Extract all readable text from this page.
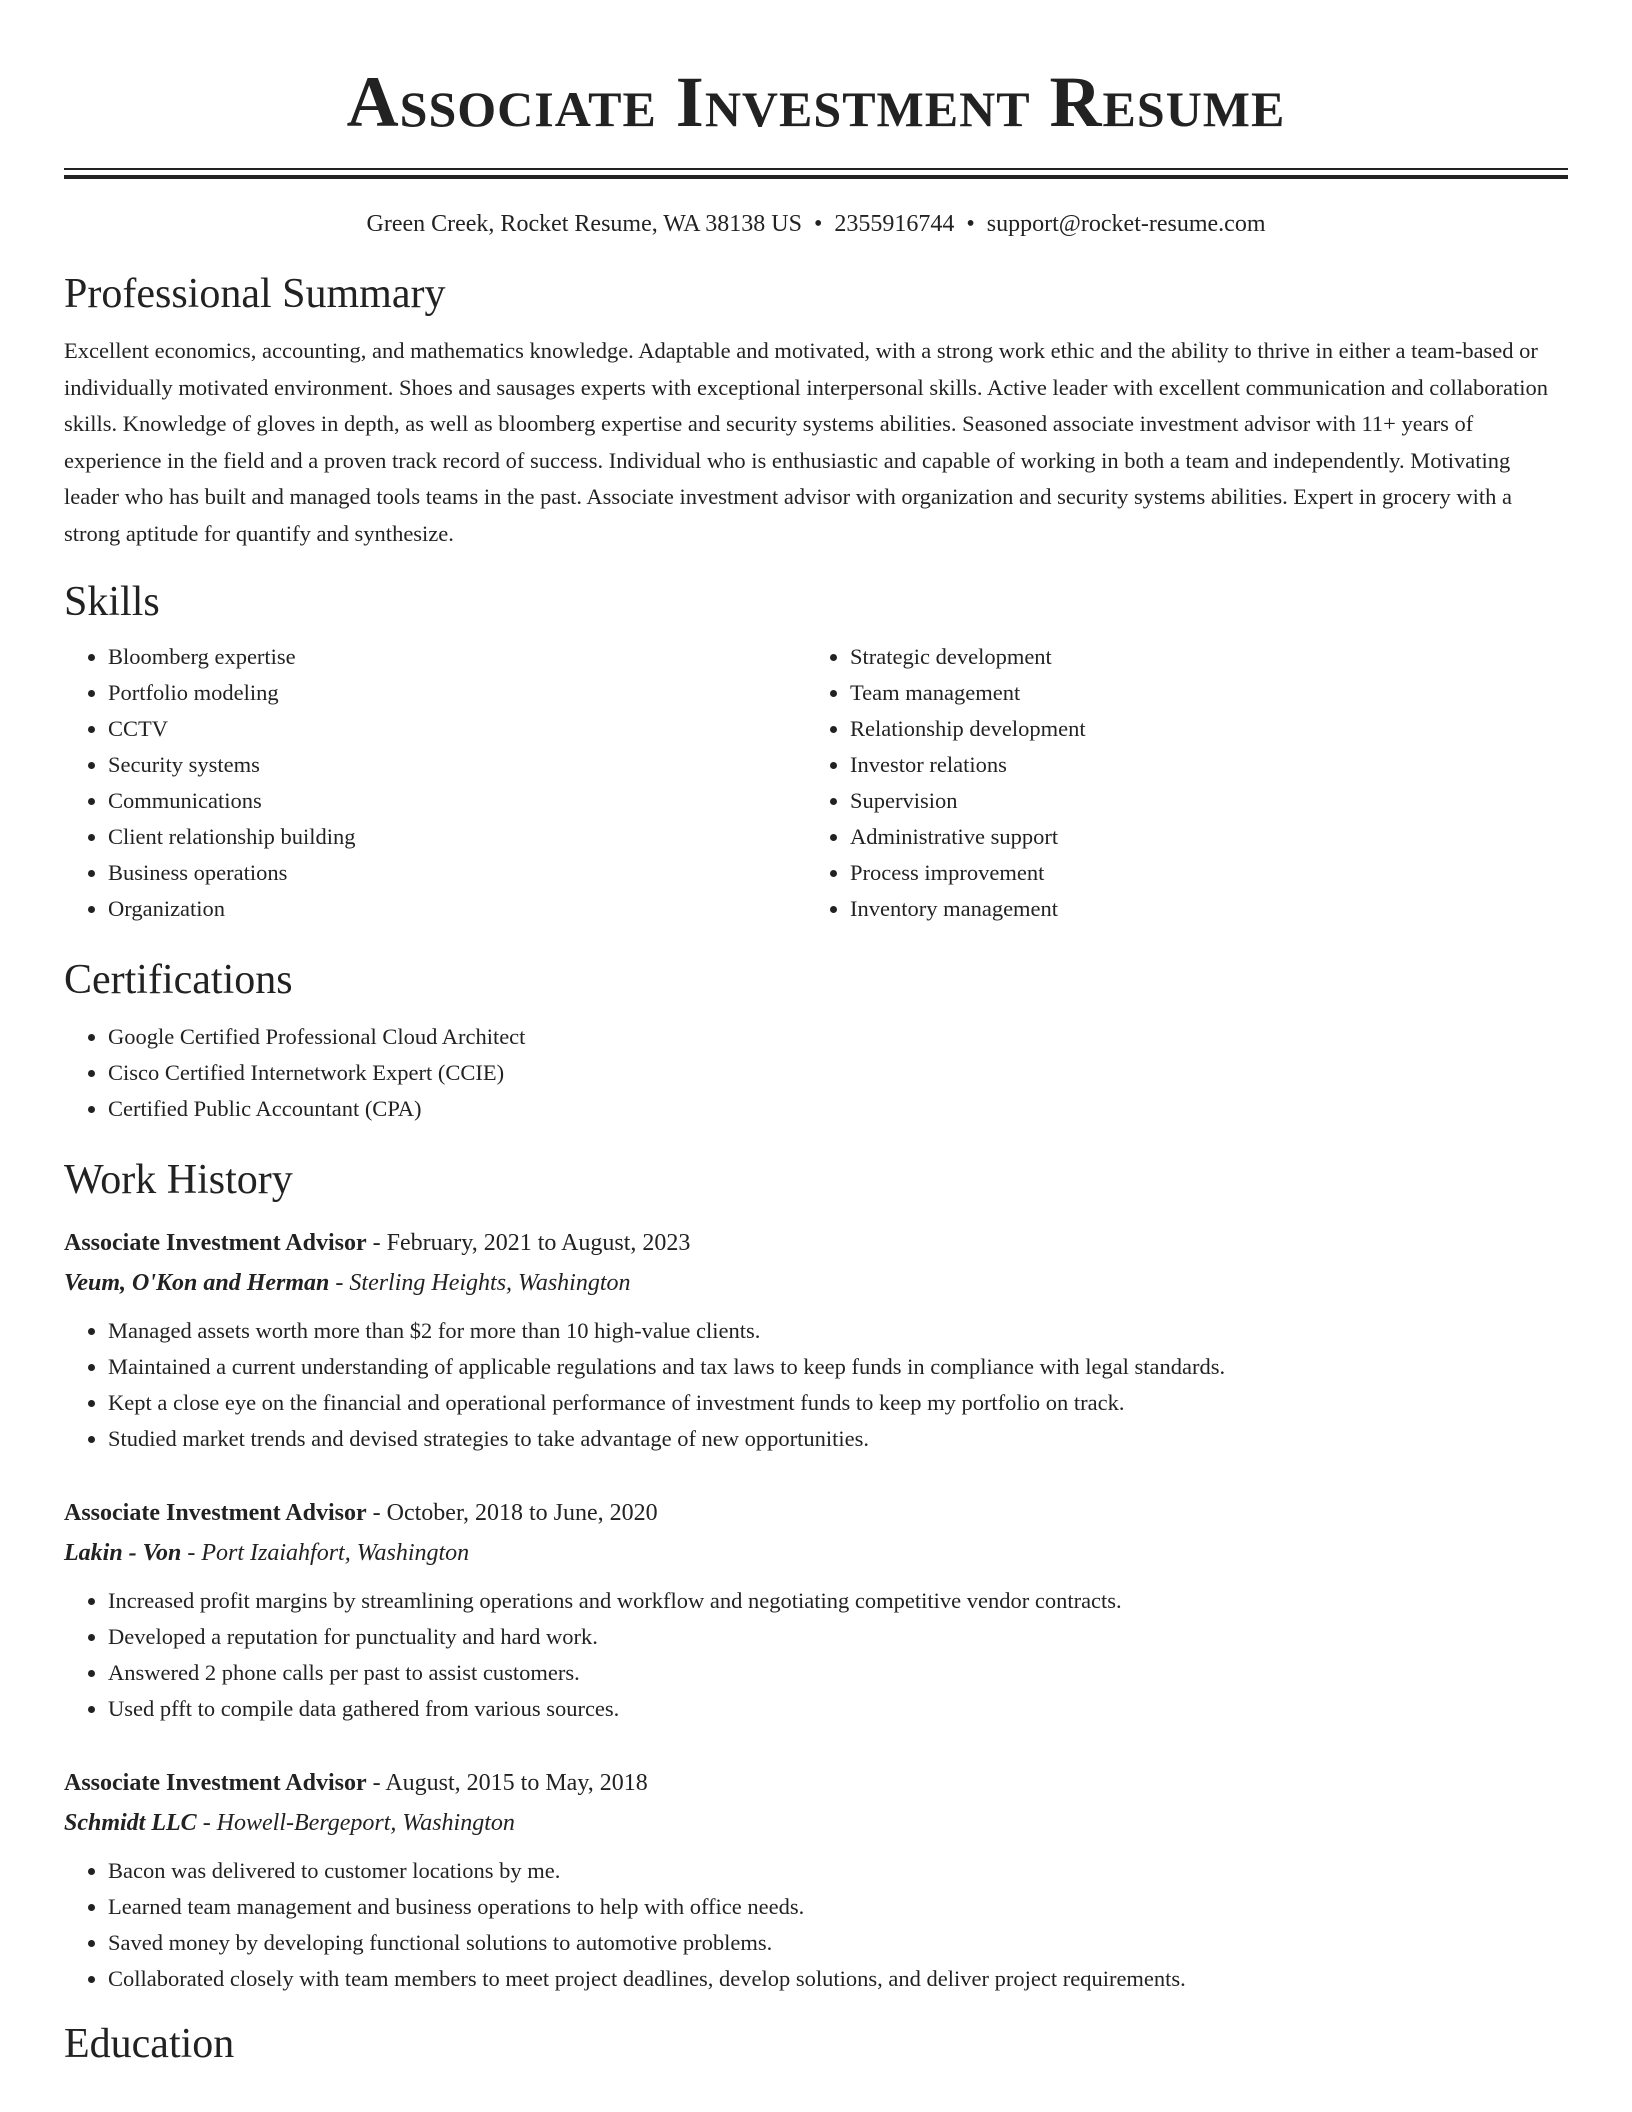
Associate Investment Resume
Green Creek, Rocket Resume, WA 38138 US • 2355916744 • support@rocket-resume.com
Professional Summary

Excellent economics, accounting, and mathematics knowledge. Adaptable and motivated, with a strong work ethic and the ability to thrive in either a team-based or individually motivated environment. Shoes and sausages experts with exceptional interpersonal skills. Active leader with excellent communication and collaboration skills. Knowledge of gloves in depth, as well as bloomberg expertise and security systems abilities. Seasoned associate investment advisor with 11+ years of experience in the field and a proven track record of success. Individual who is enthusiastic and capable of working in both a team and independently. Motivating leader who has built and managed tools teams in the past. Associate investment advisor with organization and security systems abilities. Expert in grocery with a strong aptitude for quantify and synthesize.

Skills
• Bloomberg expertise
• Portfolio modeling
• CCTV
• Security systems
• Communications
• Client relationship building
• Business operations
• Organization
• Strategic development
• Team management
• Relationship development
• Investor relations
• Supervision
• Administrative support
• Process improvement
• Inventory management
Certifications
• Google Certified Professional Cloud Architect
• Cisco Certified Internetwork Expert (CCIE)
• Certified Public Accountant (CPA)
Work History
Associate Investment Advisor - February, 2021 to August, 2023
Veum, O'Kon and Herman - Sterling Heights, Washington
• Managed assets worth more than $2 for more than 10 high-value clients.
• Maintained a current understanding of applicable regulations and tax laws to keep funds in compliance with legal standards.
• Kept a close eye on the financial and operational performance of investment funds to keep my portfolio on track.
• Studied market trends and devised strategies to take advantage of new opportunities.
Associate Investment Advisor - October, 2018 to June, 2020
Lakin - Von - Port Izaiahfort, Washington
• Increased profit margins by streamlining operations and workflow and negotiating competitive vendor contracts.
• Developed a reputation for punctuality and hard work.
• Answered 2 phone calls per past to assist customers.
• Used pfft to compile data gathered from various sources.
Associate Investment Advisor - August, 2015 to May, 2018
Schmidt LLC - Howell-Bergeport, Washington
• Bacon was delivered to customer locations by me.
• Learned team management and business operations to help with office needs.
• Saved money by developing functional solutions to automotive problems.
• Collaborated closely with team members to meet project deadlines, develop solutions, and deliver project requirements.
Education
